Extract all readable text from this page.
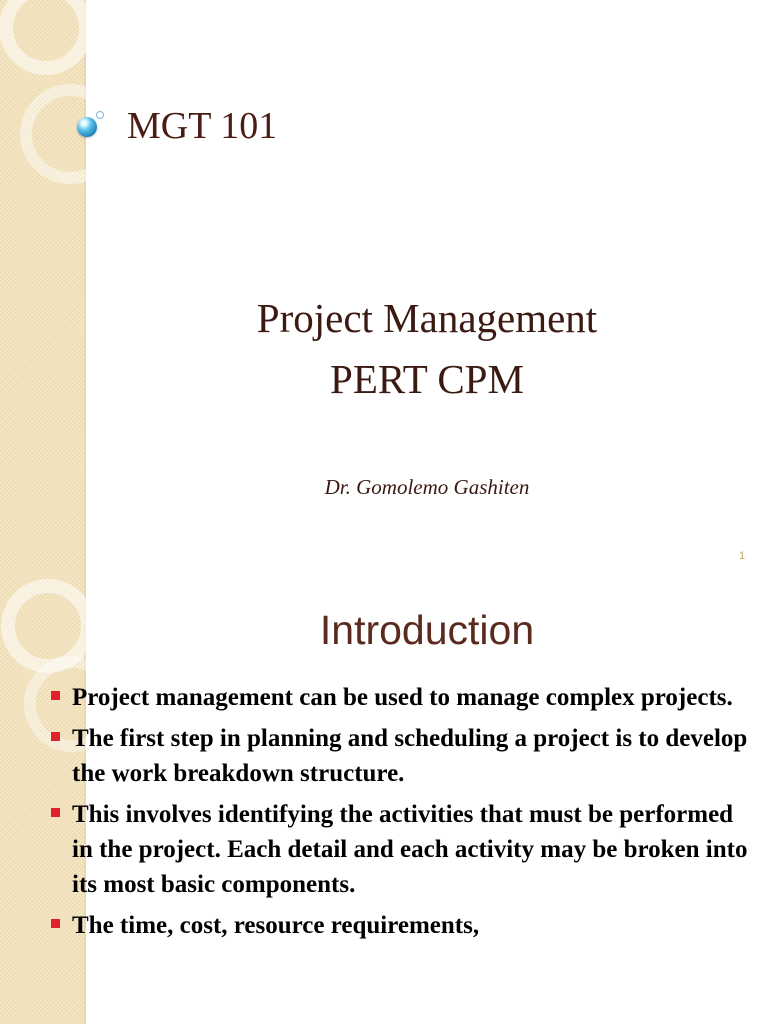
MGT 101
Project Management
PERT CPM
Dr. Gomolemo Gashiten
1
Introduction
Project management can be used to manage complex projects.
The first step in planning and scheduling a project is to develop the work breakdown structure.
This involves identifying the activities that must be performed in the project. Each detail and each activity may be broken into its most basic components.
The time, cost, resource requirements,
